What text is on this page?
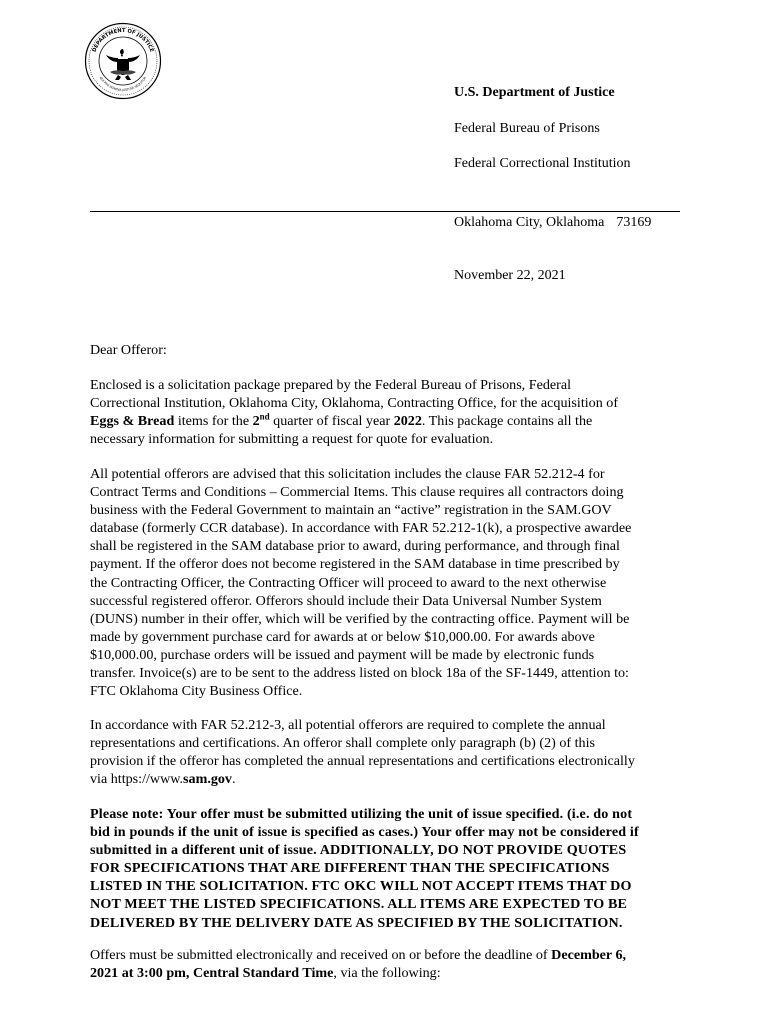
DEPARTMENT OF JUSTICE
QUI PRO DOMINA JUSTITIA SEQUITUR
U.S. Department of Justice
Federal Bureau of Prisons
Federal Correctional Institution
Oklahoma City, Oklahoma 73169
November 22, 2021
Dear Offeror:

Enclosed is a solicitation package prepared by the Federal Bureau of Prisons, Federal

Correctional Institution, Oklahoma City, Oklahoma, Contracting Office, for the acquisition of

Eggs & Bread items for the 2nd quarter of fiscal year 2022. This package contains all the

necessary information for submitting a request for quote for evaluation.

All potential offerors are advised that this solicitation includes the clause FAR 52.212-4 for

Contract Terms and Conditions – Commercial Items. This clause requires all contractors doing

business with the Federal Government to maintain an “active” registration in the SAM.GOV

database (formerly CCR database). In accordance with FAR 52.212-1(k), a prospective awardee

shall be registered in the SAM database prior to award, during performance, and through final

payment. If the offeror does not become registered in the SAM database in time prescribed by

the Contracting Officer, the Contracting Officer will proceed to award to the next otherwise

successful registered offeror. Offerors should include their Data Universal Number System

(DUNS) number in their offer, which will be verified by the contracting office. Payment will be

made by government purchase card for awards at or below $10,000.00. For awards above

$10,000.00, purchase orders will be issued and payment will be made by electronic funds

transfer. Invoice(s) are to be sent to the address listed on block 18a of the SF-1449, attention to:

FTC Oklahoma City Business Office.

In accordance with FAR 52.212-3, all potential offerors are required to complete the annual

representations and certifications. An offeror shall complete only paragraph (b) (2) of this

provision if the offeror has completed the annual representations and certifications electronically

via https://www.sam.gov.

Please note: Your offer must be submitted utilizing the unit of issue specified. (i.e. do not

bid in pounds if the unit of issue is specified as cases.) Your offer may not be considered if

submitted in a different unit of issue. ADDITIONALLY, DO NOT PROVIDE QUOTES

FOR SPECIFICATIONS THAT ARE DIFFERENT THAN THE SPECIFICATIONS

LISTED IN THE SOLICITATION. FTC OKC WILL NOT ACCEPT ITEMS THAT DO

NOT MEET THE LISTED SPECIFICATIONS. ALL ITEMS ARE EXPECTED TO BE

DELIVERED BY THE DELIVERY DATE AS SPECIFIED BY THE SOLICITATION.

Offers must be submitted electronically and received on or before the deadline of December 6,

2021 at 3:00 pm, Central Standard Time, via the following:
